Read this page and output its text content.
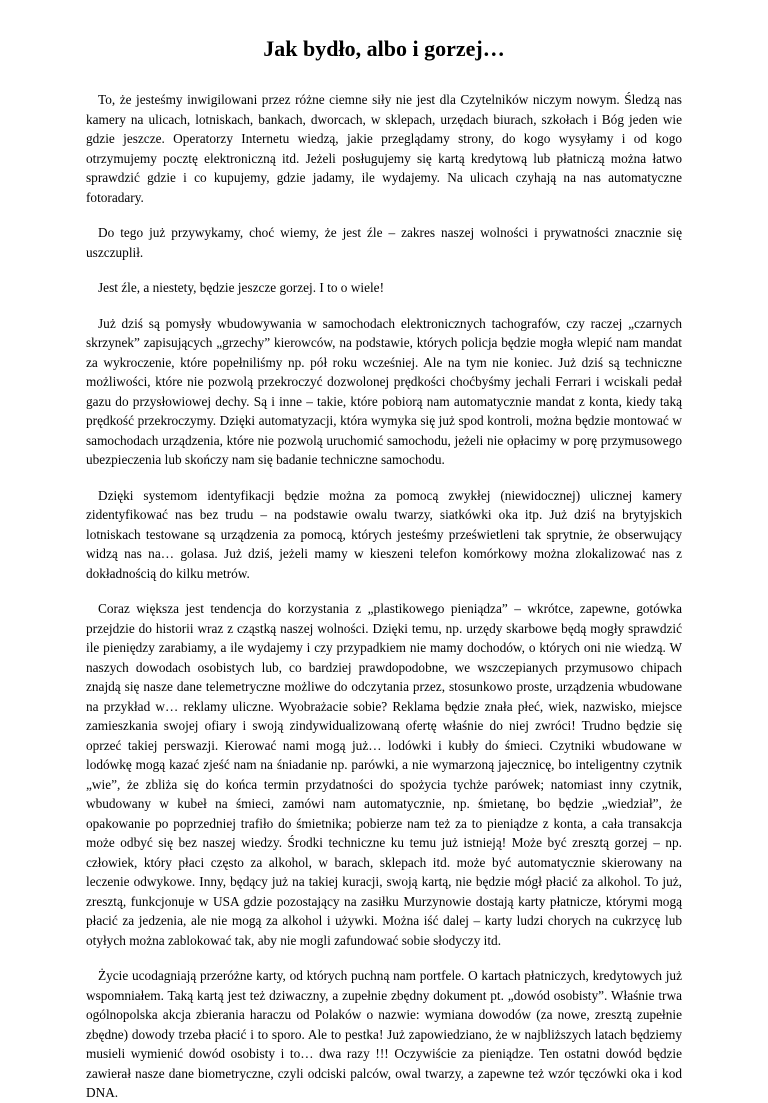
Jak bydło, albo i gorzej…

To, że jesteśmy inwigilowani przez różne ciemne siły nie jest dla Czytelników niczym nowym. Śledzą nas kamery na ulicach, lotniskach, bankach, dworcach, w sklepach, urzędach biurach, szkołach i Bóg jeden wie gdzie jeszcze. Operatorzy Internetu wiedzą, jakie przeglądamy strony, do kogo wysyłamy i od kogo otrzymujemy pocztę elektroniczną itd. Jeżeli posługujemy się kartą kredytową lub płatniczą można łatwo sprawdzić gdzie i co kupujemy, gdzie jadamy, ile wydajemy. Na ulicach czyhają na nas automatyczne fotoradary.

Do tego już przywykamy, choć wiemy, że jest źle – zakres naszej wolności i prywatności znacznie się uszczuplił.

Jest źle, a niestety, będzie jeszcze gorzej. I to o wiele!

Już dziś są pomysły wbudowywania w samochodach elektronicznych tachografów, czy raczej „czarnych skrzynek” zapisujących „grzechy” kierowców, na podstawie, których policja będzie mogła wlepić nam mandat za wykroczenie, które popełniliśmy np. pół roku wcześniej. Ale na tym nie koniec. Już dziś są techniczne możliwości, które nie pozwolą przekroczyć dozwolonej prędkości choćbyśmy jechali Ferrari i wciskali pedał gazu do przysłowiowej dechy. Są i inne – takie, które pobiorą nam automatycznie mandat z konta, kiedy taką prędkość przekroczymy. Dzięki automatyzacji, która wymyka się już spod kontroli, można będzie montować w samochodach urządzenia, które nie pozwolą uruchomić samochodu, jeżeli nie opłacimy w porę przymusowego ubezpieczenia lub skończy nam się badanie techniczne samochodu.

Dzięki systemom identyfikacji będzie można za pomocą zwykłej (niewidocznej) ulicznej kamery zidentyfikować nas bez trudu – na podstawie owalu twarzy, siatkówki oka itp. Już dziś na brytyjskich lotniskach testowane są urządzenia za pomocą, których jesteśmy prześwietleni tak sprytnie, że obserwujący widzą nas na… golasa. Już dziś, jeżeli mamy w kieszeni telefon komórkowy można zlokalizować nas z dokładnością do kilku metrów.

Coraz większa jest tendencja do korzystania z „plastikowego pieniądza” – wkrótce, zapewne, gotówka przejdzie do historii wraz z cząstką naszej wolności. Dzięki temu, np. urzędy skarbowe będą mogły sprawdzić ile pieniędzy zarabiamy, a ile wydajemy i czy przypadkiem nie mamy dochodów, o których oni nie wiedzą. W naszych dowodach osobistych lub, co bardziej prawdopodobne, we wszczepianych przymusowo chipach znajdą się nasze dane telemetryczne możliwe do odczytania przez, stosunkowo proste, urządzenia wbudowane na przykład w… reklamy uliczne. Wyobrażacie sobie? Reklama będzie znała płeć, wiek, nazwisko, miejsce zamieszkania swojej ofiary i swoją zindywidualizowaną ofertę właśnie do niej zwróci! Trudno będzie się oprzeć takiej perswazji. Kierować nami mogą już… lodówki i kubły do śmieci. Czytniki wbudowane w lodówkę mogą kazać zjeść nam na śniadanie np. parówki, a nie wymarzoną jajecznicę, bo inteligentny czytnik „wie”, że zbliża się do końca termin przydatności do spożycia tychże parówek; natomiast inny czytnik, wbudowany w kubeł na śmieci, zamówi nam automatycznie, np. śmietanę, bo będzie „wiedział”, że opakowanie po poprzedniej trafiło do śmietnika; pobierze nam też za to pieniądze z konta, a cała transakcja może odbyć się bez naszej wiedzy. Środki techniczne ku temu już istnieją! Może być zresztą gorzej – np. człowiek, który płaci często za alkohol, w barach, sklepach itd. może być automatycznie skierowany na leczenie odwykowe. Inny, będący już na takiej kuracji, swoją kartą, nie będzie mógł płacić za alkohol. To już, zresztą, funkcjonuje w USA gdzie pozostający na zasiłku Murzynowie dostają karty płatnicze, którymi mogą płacić za jedzenia, ale nie mogą za alkohol i używki. Można iść dalej – karty ludzi chorych na cukrzycę lub otyłych można zablokować tak, aby nie mogli zafundować sobie słodyczy itd.

Życie ucodagniają przeróżne karty, od których puchną nam portfele. O kartach płatniczych, kredytowych już wspomniałem. Taką kartą jest też dziwaczny, a zupełnie zbędny dokument pt. „dowód osobisty”. Właśnie trwa ogólnopolska akcja zbierania haraczu od Polaków o nazwie: wymiana dowodów (za nowe, zresztą zupełnie zbędne) dowody trzeba płacić i to sporo. Ale to pestka! Już zapowiedziano, że w najbliższych latach będziemy musieli wymienić dowód osobisty i to… dwa razy !!! Oczywiście za pieniądze. Ten ostatni dowód będzie zawierał nasze dane biometryczne, czyli odciski palców, owal twarzy, a zapewne też wzór tęczówki oka i kod DNA.
